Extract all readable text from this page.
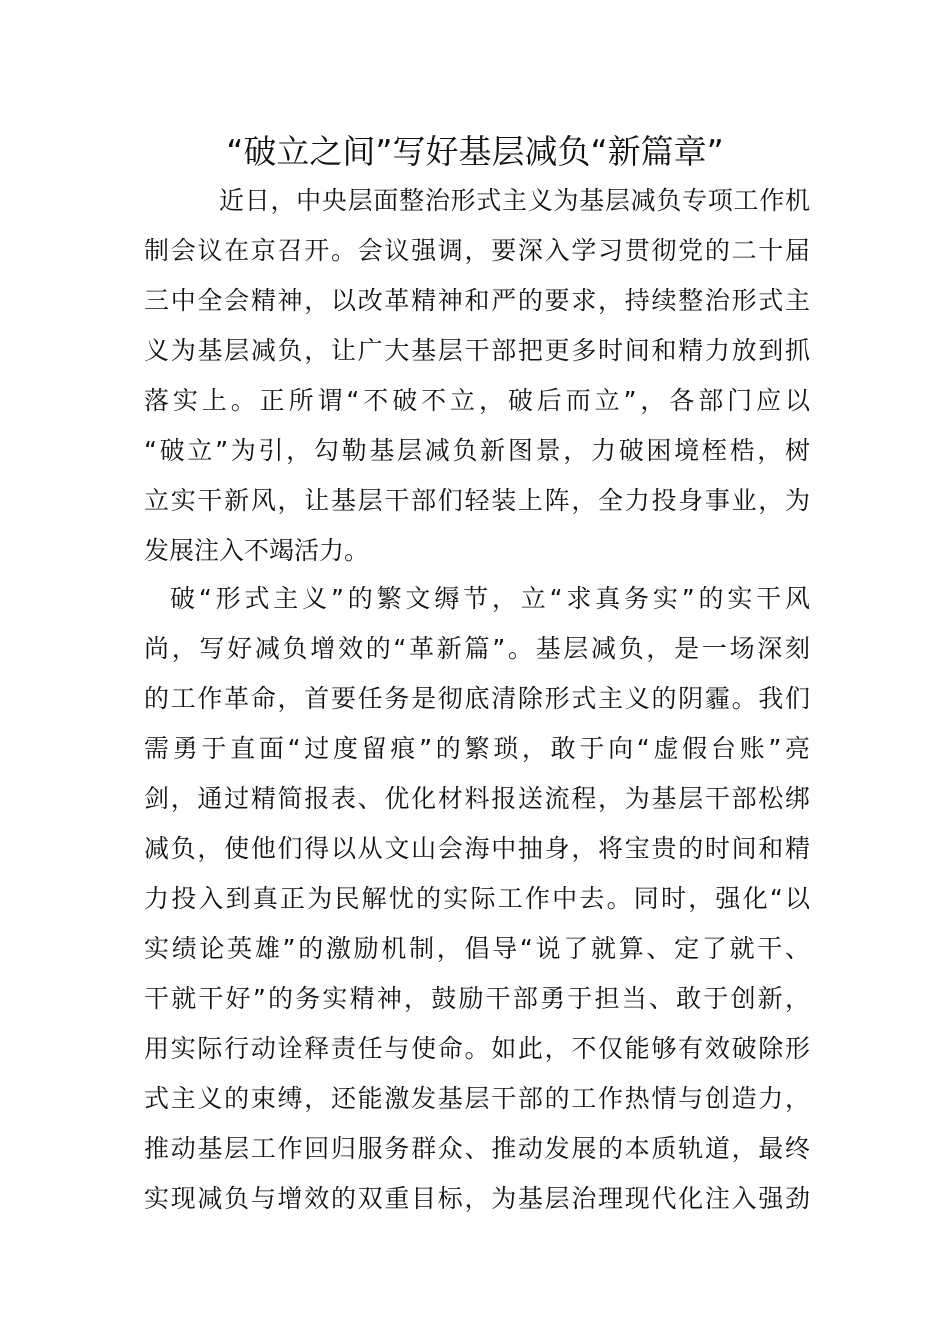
“破立之间”写好基层减负“新篇章”
近日，中央层面整治形式主义为基层减负专项工作机
制会议在京召开。会议强调，要深入学习贯彻党的二十届
三中全会精神，以改革精神和严的要求，持续整治形式主
义为基层减负，让广大基层干部把更多时间和精力放到抓
落实上。正所谓“不破不立，破后而立”，各部门应以
“破立”为引，勾勒基层减负新图景，力破困境桎梏，树
立实干新风，让基层干部们轻装上阵，全力投身事业，为
发展注入不竭活力。
破“形式主义”的繁文缛节，立“求真务实”的实干风
尚，写好减负增效的“革新篇”。基层减负，是一场深刻
的工作革命，首要任务是彻底清除形式主义的阴霾。我们
需勇于直面“过度留痕”的繁琐，敢于向“虚假台账”亮
剑，通过精简报表、优化材料报送流程，为基层干部松绑
减负，使他们得以从文山会海中抽身，将宝贵的时间和精
力投入到真正为民解忧的实际工作中去。同时，强化“以
实绩论英雄”的激励机制，倡导“说了就算、定了就干、
干就干好”的务实精神，鼓励干部勇于担当、敢于创新，
用实际行动诠释责任与使命。如此，不仅能够有效破除形
式主义的束缚，还能激发基层干部的工作热情与创造力，
推动基层工作回归服务群众、推动发展的本质轨道，最终
实现减负与增效的双重目标，为基层治理现代化注入强劲
